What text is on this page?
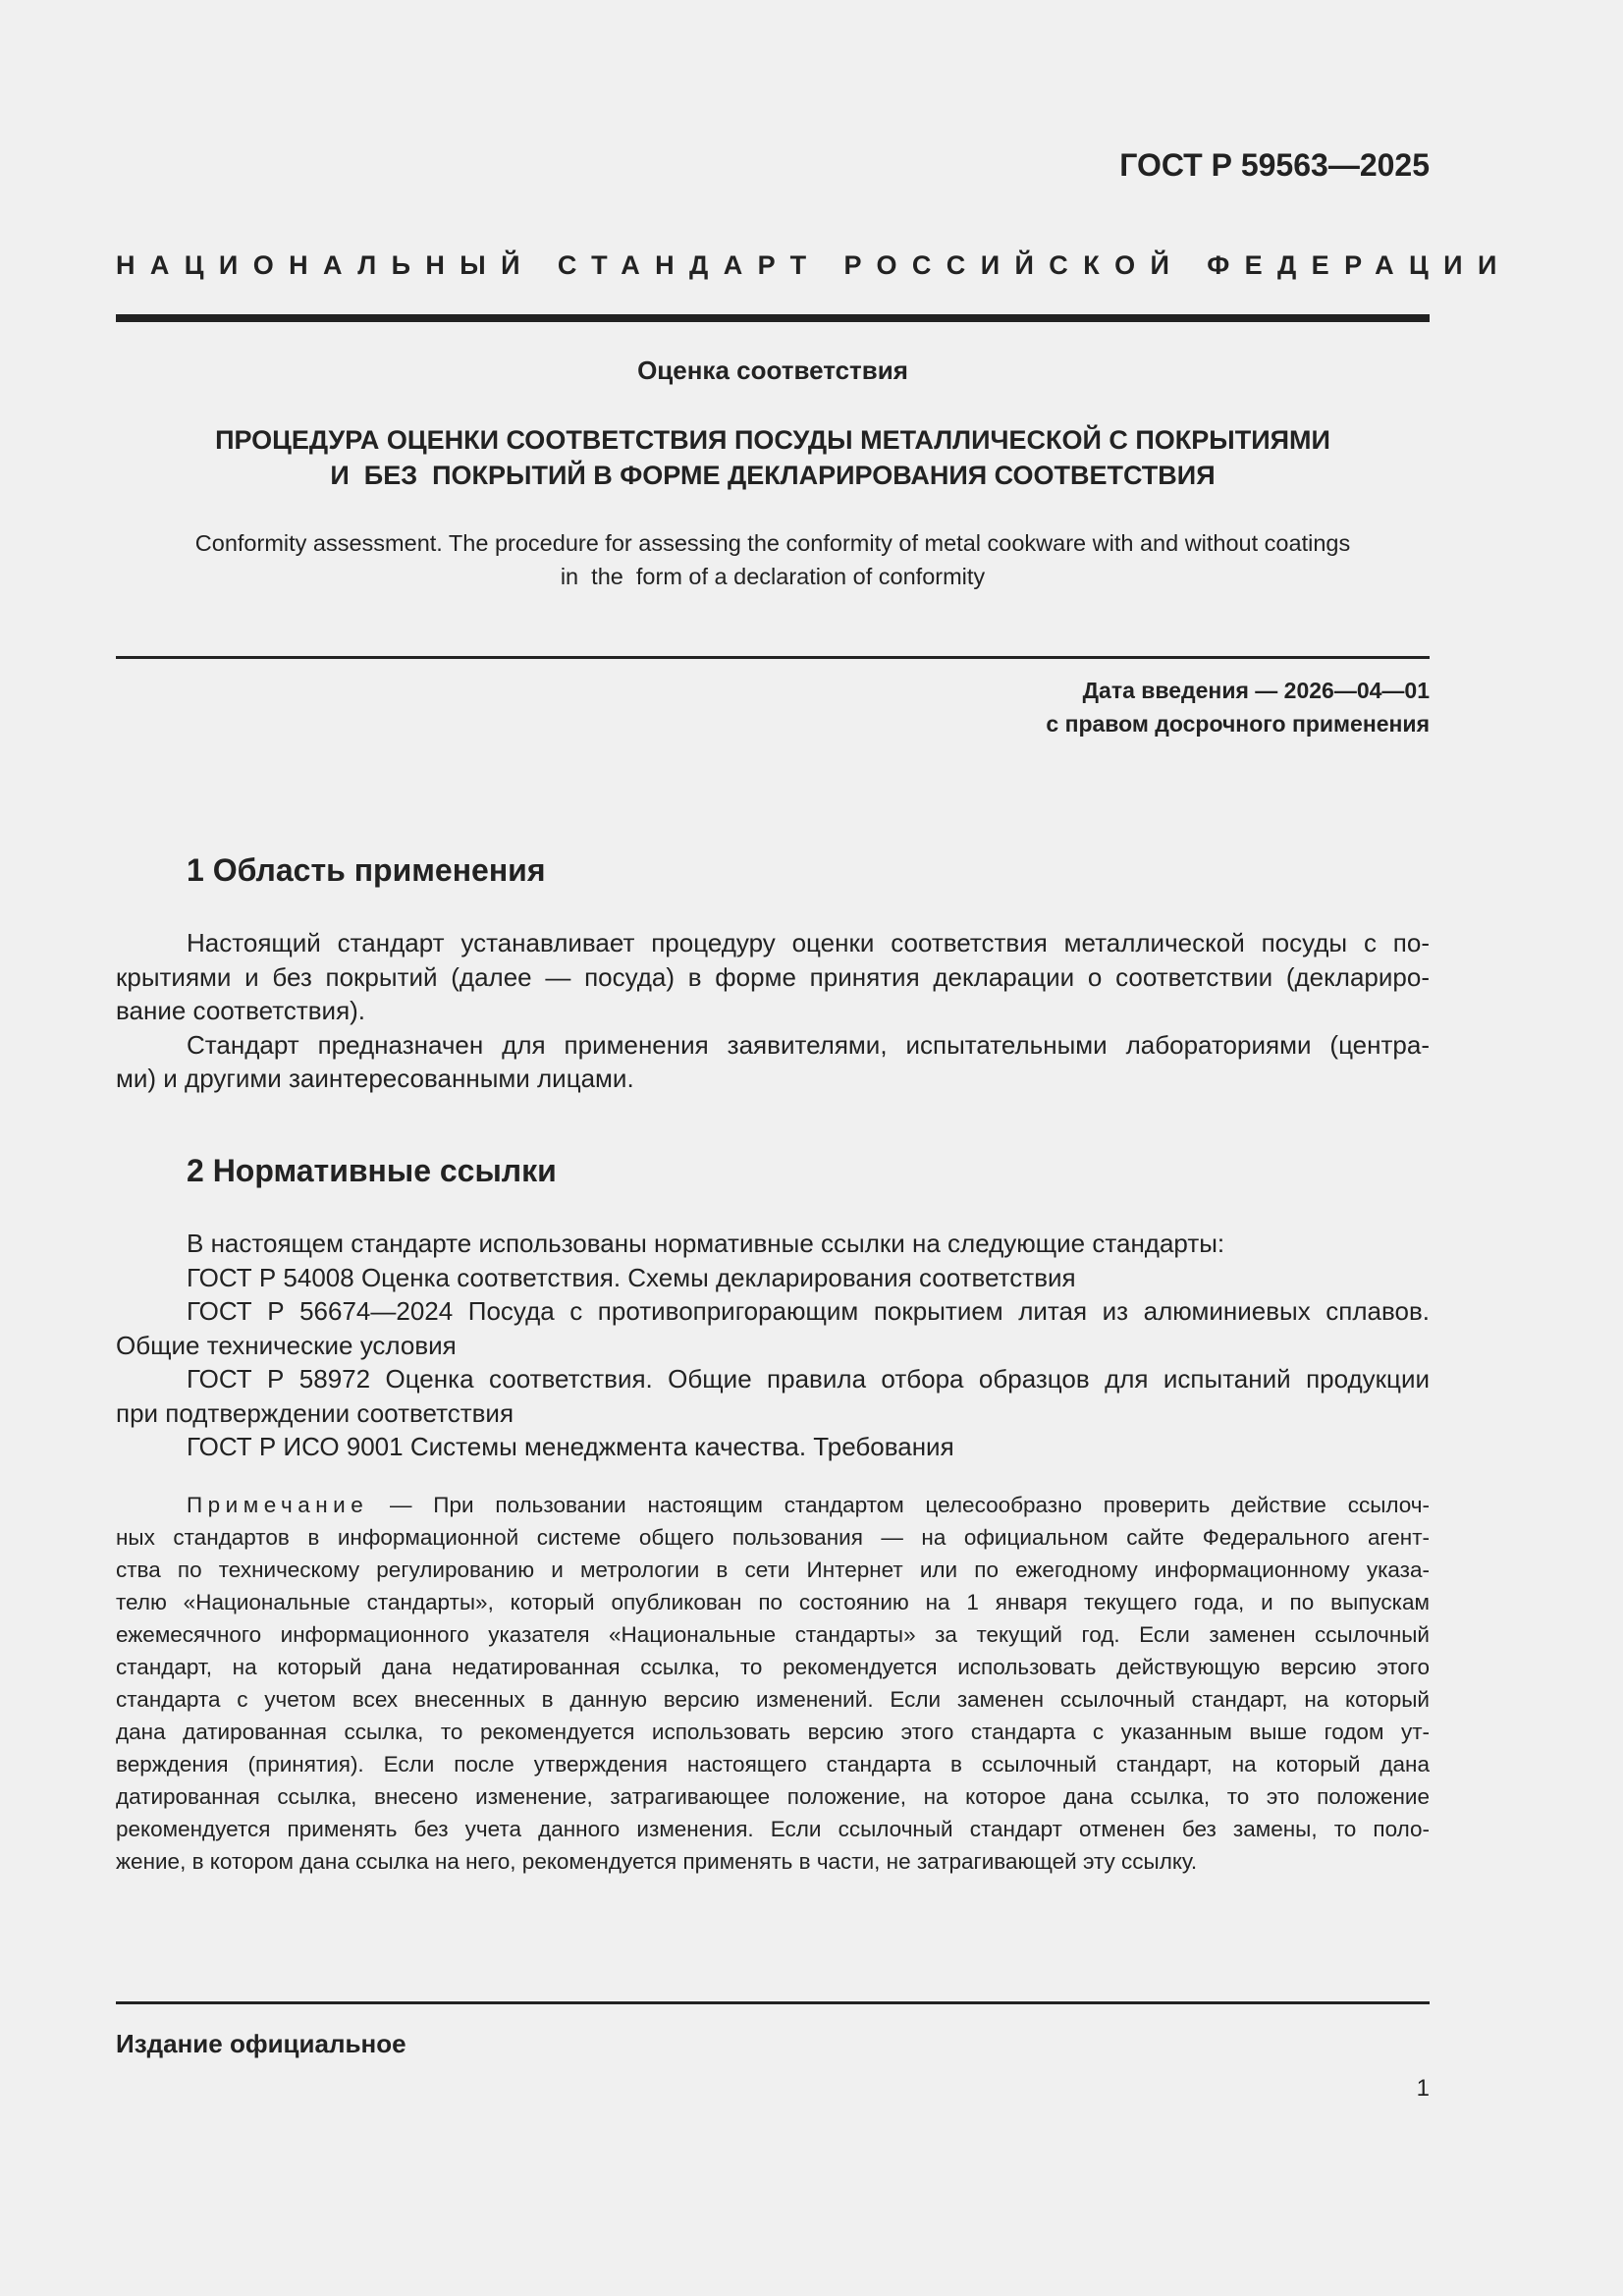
ГОСТ Р 59563—2025
НАЦИОНАЛЬНЫЙ СТАНДАРТ РОССИЙСКОЙ ФЕДЕРАЦИИ
Оценка соответствия
ПРОЦЕДУРА ОЦЕНКИ СООТВЕТСТВИЯ ПОСУДЫ МЕТАЛЛИЧЕСКОЙ С ПОКРЫТИЯМИ
И  БЕЗ  ПОКРЫТИЙ В ФОРМЕ ДЕКЛАРИРОВАНИЯ СООТВЕТСТВИЯ
Conformity assessment. The procedure for assessing the conformity of metal cookware with and without coatings
in  the  form of a declaration of conformity
Дата введения — 2026—04—01
с правом досрочного применения
1 Область применения
Настоящий стандарт устанавливает процедуру оценки соответствия металлической посуды с по-
крытиями и без покрытий (далее — посуда) в форме принятия декларации о соответствии (деклариро-
вание соответствия).
Стандарт предназначен для применения заявителями, испытательными лабораториями (центра-
ми) и другими заинтересованными лицами.
2 Нормативные ссылки
В настоящем стандарте использованы нормативные ссылки на следующие стандарты:
ГОСТ Р 54008 Оценка соответствия. Схемы декларирования соответствия
ГОСТ Р 56674—2024 Посуда с противопригорающим покрытием литая из алюминиевых сплавов.
Общие технические условия
ГОСТ Р 58972 Оценка соответствия. Общие правила отбора образцов для испытаний продукции
при подтверждении соответствия
ГОСТ Р ИСО 9001 Системы менеджмента качества. Требования
Примечание — При пользовании настоящим стандартом целесообразно проверить действие ссылоч-
ных стандартов в информационной системе общего пользования — на официальном сайте Федерального агент-
ства по техническому регулированию и метрологии в сети Интернет или по ежегодному информационному указа-
телю «Национальные стандарты», который опубликован по состоянию на 1 января текущего года, и по выпускам
ежемесячного информационного указателя «Национальные стандарты» за текущий год. Если заменен ссылочный
стандарт, на который дана недатированная ссылка, то рекомендуется использовать действующую версию этого
стандарта с учетом всех внесенных в данную версию изменений. Если заменен ссылочный стандарт, на который
дана датированная ссылка, то рекомендуется использовать версию этого стандарта с указанным выше годом ут-
верждения (принятия). Если после утверждения настоящего стандарта в ссылочный стандарт, на который дана
датированная ссылка, внесено изменение, затрагивающее положение, на которое дана ссылка, то это положение
рекомендуется применять без учета данного изменения. Если ссылочный стандарт отменен без замены, то поло-
жение, в котором дана ссылка на него, рекомендуется применять в части, не затрагивающей эту ссылку.
Издание официальное
1
